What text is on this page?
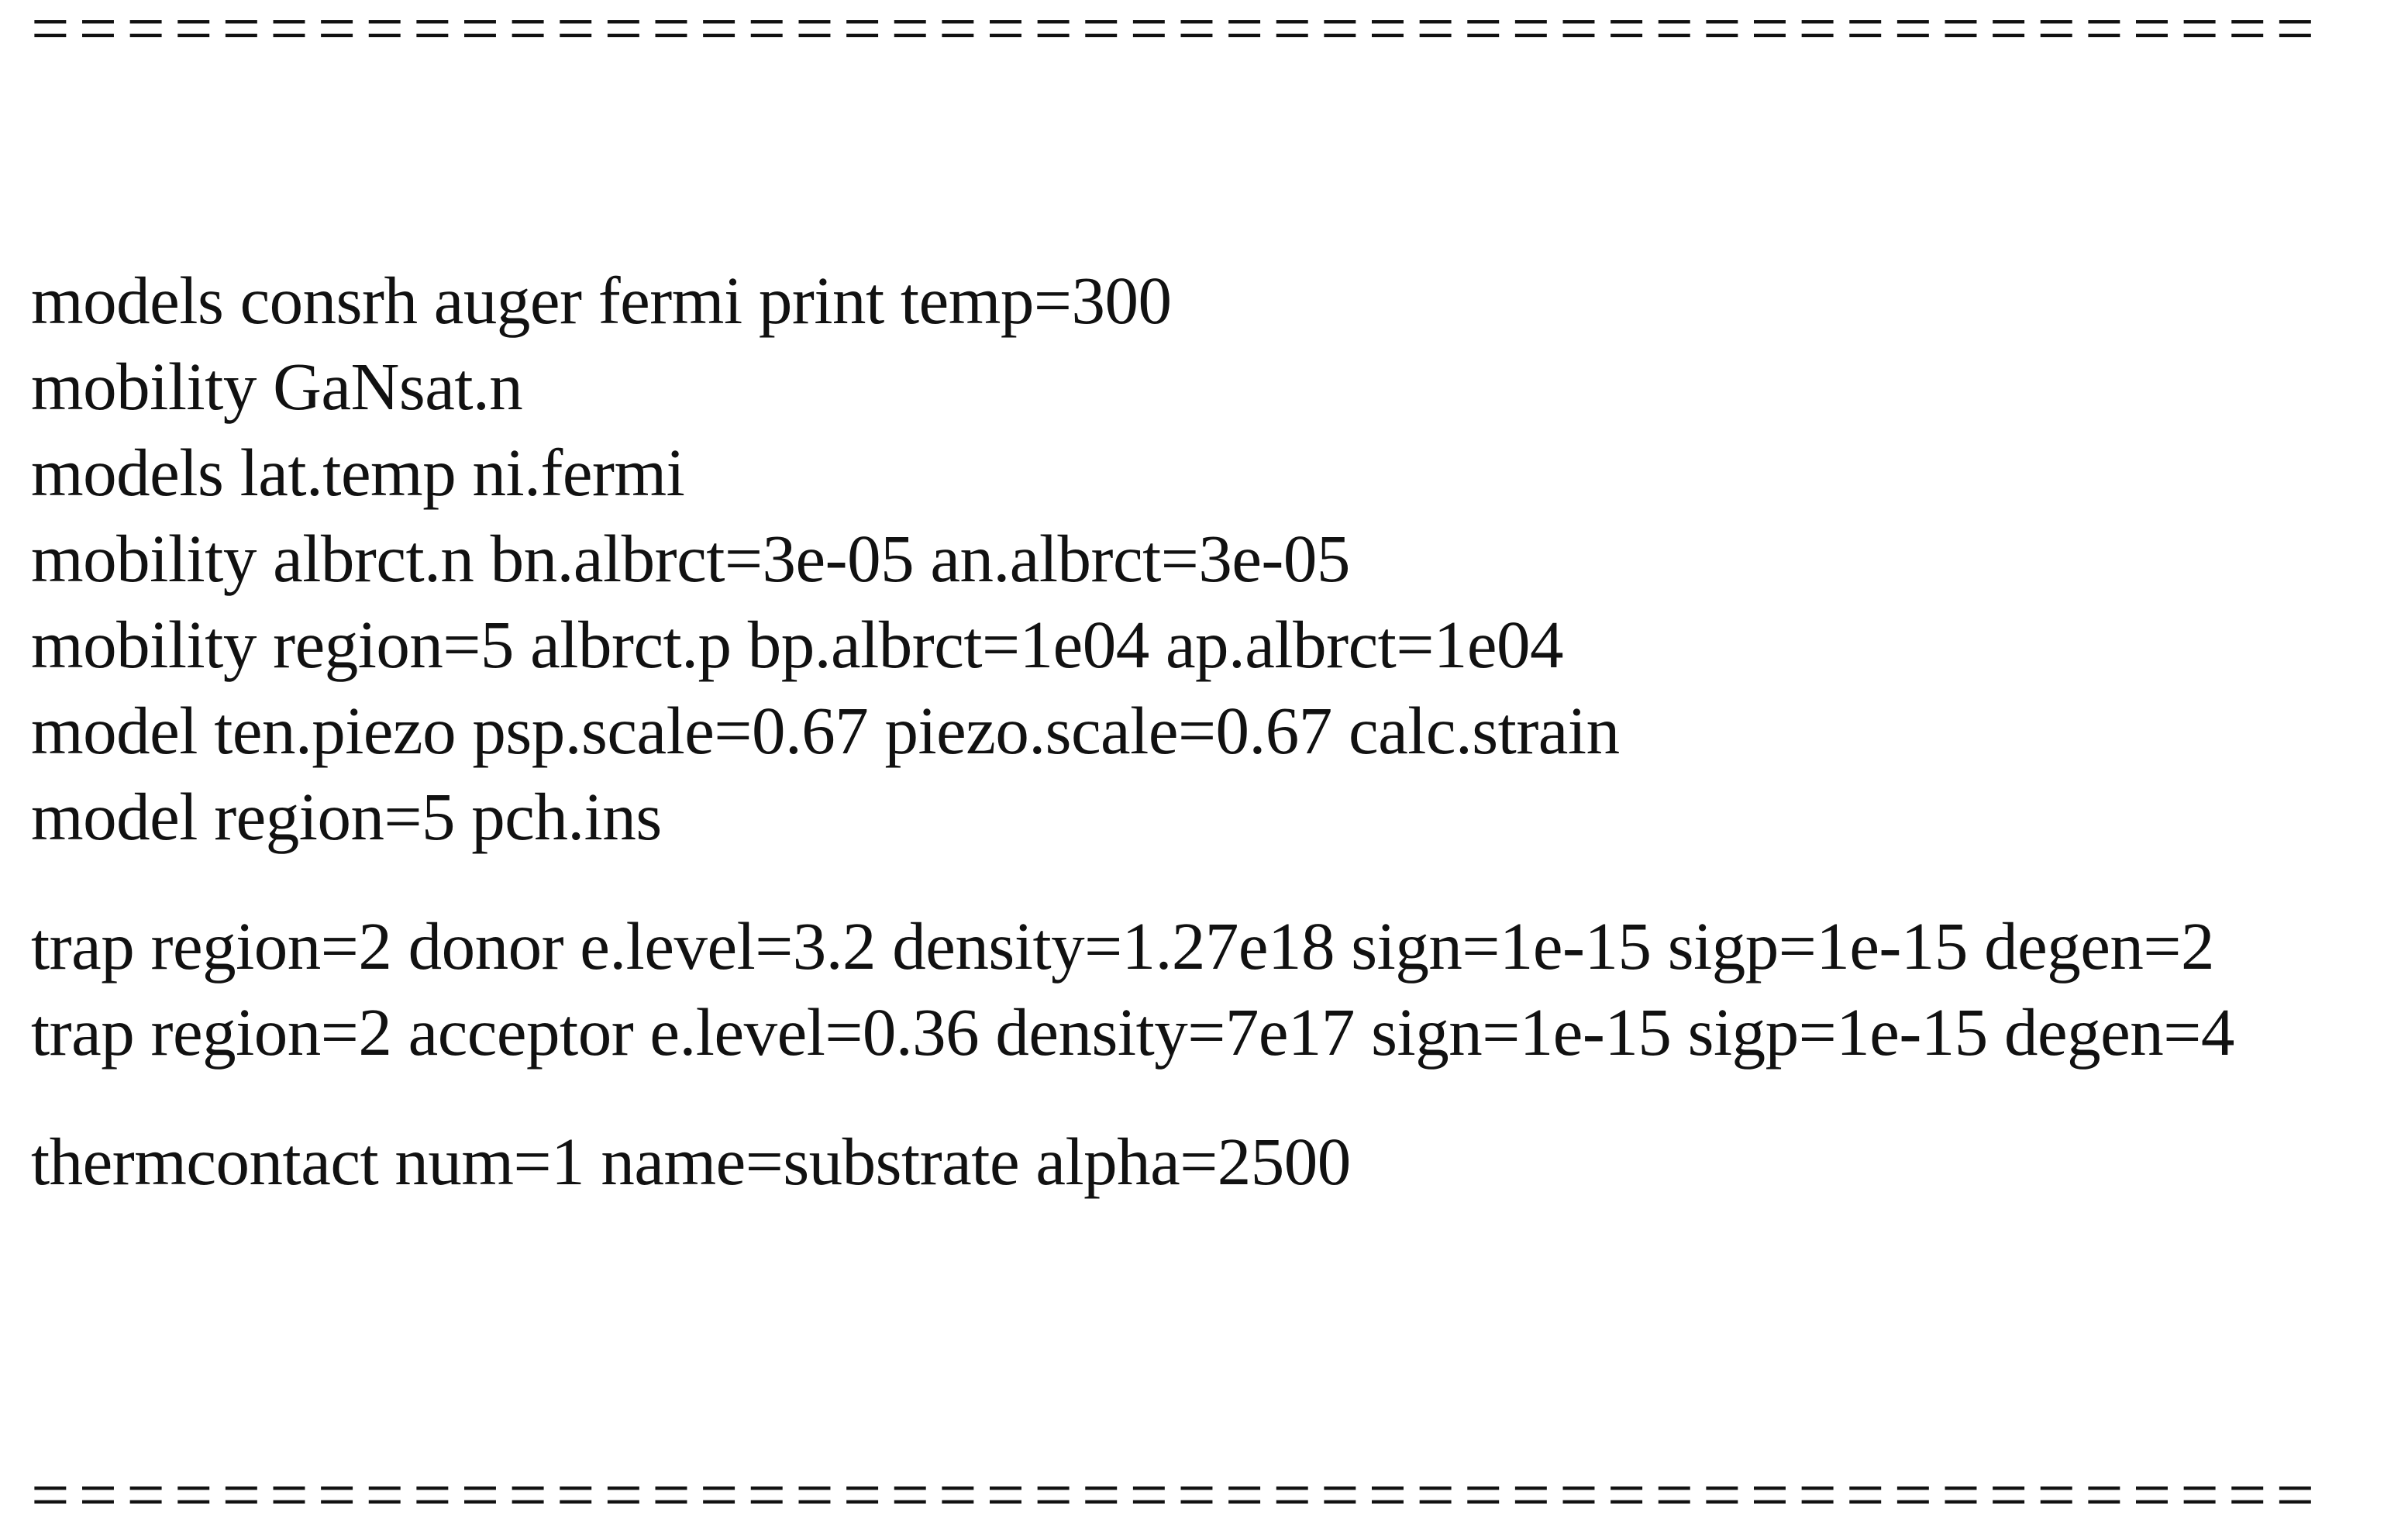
================================================
models consrh auger fermi print temp=300
mobility GaNsat.n
models lat.temp ni.fermi
mobility albrct.n bn.albrct=3e-05 an.albrct=3e-05
mobility region=5 albrct.p bp.albrct=1e04 ap.albrct=1e04
model ten.piezo psp.scale=0.67 piezo.scale=0.67 calc.strain
model region=5 pch.ins
trap region=2 donor e.level=3.2 density=1.27e18 sign=1e-15 sigp=1e-15 degen=2
trap region=2 acceptor e.level=0.36 density=7e17 sign=1e-15 sigp=1e-15 degen=4
thermcontact num=1 name=substrate alpha=2500
================================================
